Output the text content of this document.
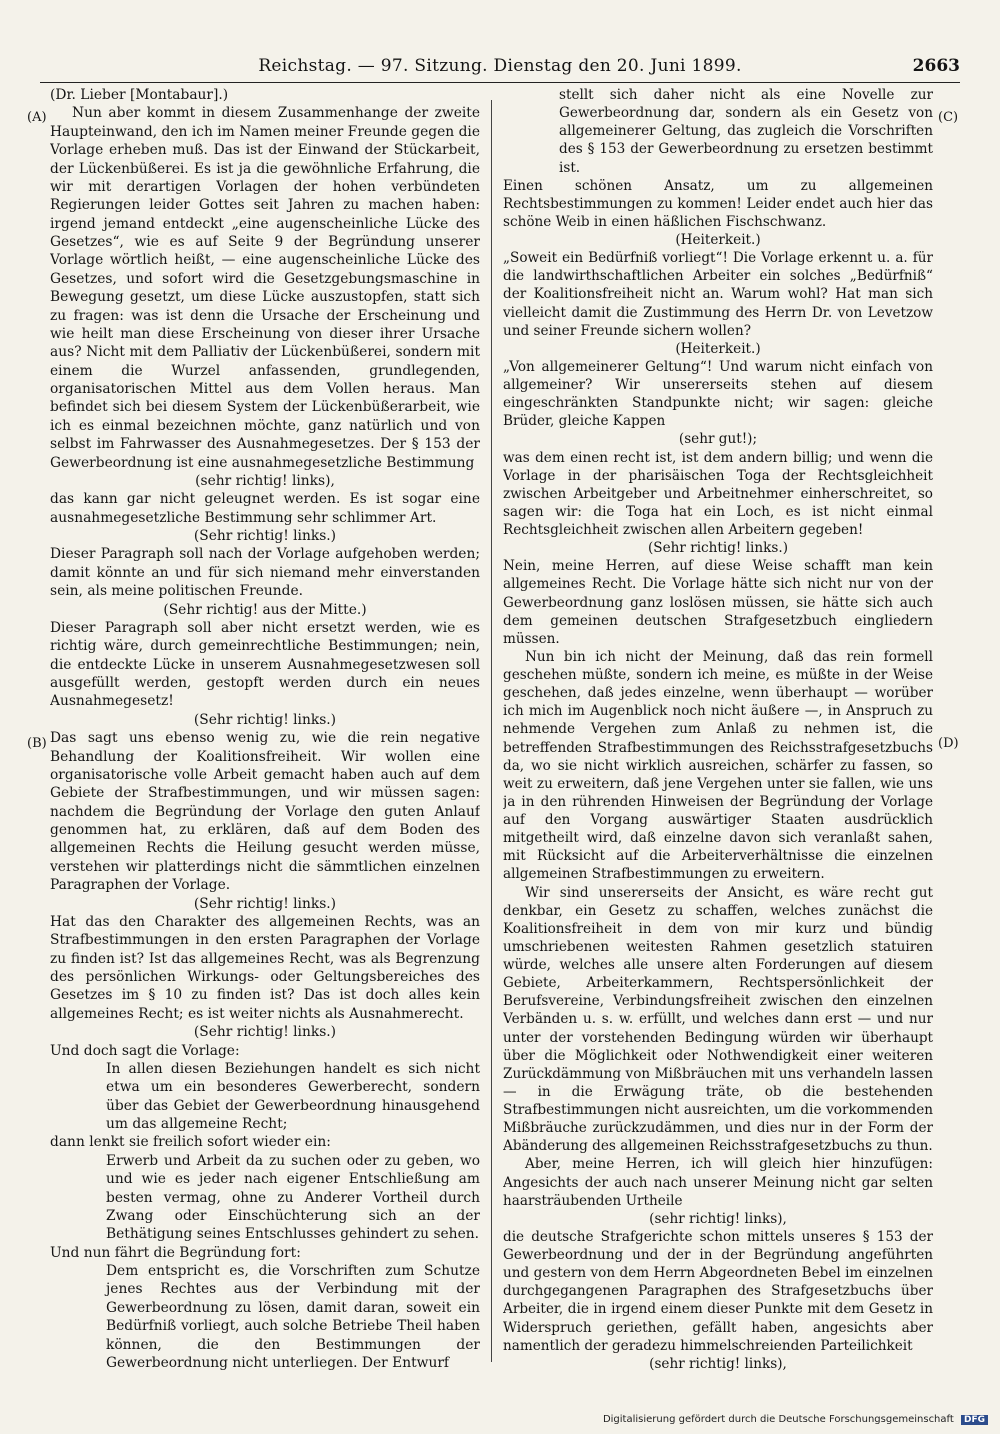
Reichstag. — 97. Sitzung. Dienstag den 20. Juni 1899.	2663
(A)
(B)
(C)
(D)

(Dr. Lieber [Montabaur].)

Nun aber kommt in diesem Zusammenhange der zweite Haupteinwand, den ich im Namen meiner Freunde gegen die Vorlage erheben muß. Das ist der Einwand der Stückarbeit, der Lückenbüßerei. Es ist ja die gewöhnliche Erfahrung, die wir mit derartigen Vorlagen der hohen verbündeten Regierungen leider Gottes seit Jahren zu machen haben: irgend jemand entdeckt „eine augenscheinliche Lücke des Gesetzes“, wie es auf Seite 9 der Begründung unserer Vorlage wörtlich heißt, — eine augenscheinliche Lücke des Gesetzes, und sofort wird die Gesetzgebungsmaschine in Bewegung gesetzt, um diese Lücke auszustopfen, statt sich zu fragen: was ist denn die Ursache der Erscheinung und wie heilt man diese Erscheinung von dieser ihrer Ursache aus? Nicht mit dem Palliativ der Lückenbüßerei, sondern mit einem die Wurzel anfassenden, grundlegenden, organisatorischen Mittel aus dem Vollen heraus. Man befindet sich bei diesem System der Lückenbüßerarbeit, wie ich es einmal bezeichnen möchte, ganz natürlich und von selbst im Fahrwasser des Ausnahmegesetzes. Der § 153 der Gewerbeordnung ist eine ausnahmegesetzliche Bestimmung

(sehr richtig! links),

das kann gar nicht geleugnet werden. Es ist sogar eine ausnahmegesetzliche Bestimmung sehr schlimmer Art.

(Sehr richtig! links.)

Dieser Paragraph soll nach der Vorlage aufgehoben werden; damit könnte an und für sich niemand mehr einverstanden sein, als meine politischen Freunde.

(Sehr richtig! aus der Mitte.)

Dieser Paragraph soll aber nicht ersetzt werden, wie es richtig wäre, durch gemeinrechtliche Bestimmungen; nein, die entdeckte Lücke in unserem Ausnahmegesetzwesen soll ausgefüllt werden, gestopft werden durch ein neues Ausnahmegesetz!

(Sehr richtig! links.)

Das sagt uns ebenso wenig zu, wie die rein negative Behandlung der Koalitionsfreiheit. Wir wollen eine organisatorische volle Arbeit gemacht haben auch auf dem Gebiete der Strafbestimmungen, und wir müssen sagen: nachdem die Begründung der Vorlage den guten Anlauf genommen hat, zu erklären, daß auf dem Boden des allgemeinen Rechts die Heilung gesucht werden müsse, verstehen wir platterdings nicht die sämmtlichen einzelnen Paragraphen der Vorlage.

(Sehr richtig! links.)

Hat das den Charakter des allgemeinen Rechts, was an Strafbestimmungen in den ersten Paragraphen der Vorlage zu finden ist? Ist das allgemeines Recht, was als Begrenzung des persönlichen Wirkungs- oder Geltungsbereiches des Gesetzes im § 10 zu finden ist? Das ist doch alles kein allgemeines Recht; es ist weiter nichts als Ausnahmerecht.

(Sehr richtig! links.)

Und doch sagt die Vorlage:

In allen diesen Beziehungen handelt es sich nicht etwa um ein besonderes Gewerberecht, sondern über das Gebiet der Gewerbeordnung hinausgehend um das allgemeine Recht;

dann lenkt sie freilich sofort wieder ein:

Erwerb und Arbeit da zu suchen oder zu geben, wo und wie es jeder nach eigener Entschließung am besten vermag, ohne zu Anderer Vortheil durch Zwang oder Einschüchterung sich an der Bethätigung seines Entschlusses gehindert zu sehen.

Und nun fährt die Begründung fort:

Dem entspricht es, die Vorschriften zum Schutze jenes Rechtes aus der Verbindung mit der Gewerbeordnung zu lösen, damit daran, soweit ein Bedürfniß vorliegt, auch solche Betriebe Theil haben können, die den Bestimmungen der Gewerbeordnung nicht unterliegen. Der Entwurf

stellt sich daher nicht als eine Novelle zur Gewerbeordnung dar, sondern als ein Gesetz von allgemeinerer Geltung, das zugleich die Vorschriften des § 153 der Gewerbeordnung zu ersetzen bestimmt ist.

Einen schönen Ansatz, um zu allgemeinen Rechtsbestimmungen zu kommen! Leider endet auch hier das schöne Weib in einen häßlichen Fischschwanz.

(Heiterkeit.)

„Soweit ein Bedürfniß vorliegt“! Die Vorlage erkennt u. a. für die landwirthschaftlichen Arbeiter ein solches „Bedürfniß“ der Koalitionsfreiheit nicht an. Warum wohl? Hat man sich vielleicht damit die Zustimmung des Herrn Dr. von Levetzow und seiner Freunde sichern wollen?

(Heiterkeit.)

„Von allgemeinerer Geltung“! Und warum nicht einfach von allgemeiner? Wir unsererseits stehen auf diesem eingeschränkten Standpunkte nicht; wir sagen: gleiche Brüder, gleiche Kappen

(sehr gut!);

was dem einen recht ist, ist dem andern billig; und wenn die Vorlage in der pharisäischen Toga der Rechtsgleichheit zwischen Arbeitgeber und Arbeitnehmer einherschreitet, so sagen wir: die Toga hat ein Loch, es ist nicht einmal Rechtsgleichheit zwischen allen Arbeitern gegeben!

(Sehr richtig! links.)

Nein, meine Herren, auf diese Weise schafft man kein allgemeines Recht. Die Vorlage hätte sich nicht nur von der Gewerbeordnung ganz loslösen müssen, sie hätte sich auch dem gemeinen deutschen Strafgesetzbuch eingliedern müssen.

Nun bin ich nicht der Meinung, daß das rein formell geschehen müßte, sondern ich meine, es müßte in der Weise geschehen, daß jedes einzelne, wenn überhaupt — worüber ich mich im Augenblick noch nicht äußere —, in Anspruch zu nehmende Vergehen zum Anlaß zu nehmen ist, die betreffenden Strafbestimmungen des Reichsstrafgesetzbuchs da, wo sie nicht wirklich ausreichen, schärfer zu fassen, so weit zu erweitern, daß jene Vergehen unter sie fallen, wie uns ja in den rührenden Hinweisen der Begründung der Vorlage auf den Vorgang auswärtiger Staaten ausdrücklich mitgetheilt wird, daß einzelne davon sich veranlaßt sahen, mit Rücksicht auf die Arbeiterverhältnisse die einzelnen allgemeinen Strafbestimmungen zu erweitern.

Wir sind unsererseits der Ansicht, es wäre recht gut denkbar, ein Gesetz zu schaffen, welches zunächst die Koalitionsfreiheit in dem von mir kurz und bündig umschriebenen weitesten Rahmen gesetzlich statuiren würde, welches alle unsere alten Forderungen auf diesem Gebiete, Arbeiterkammern, Rechtspersönlichkeit der Berufsvereine, Verbindungsfreiheit zwischen den einzelnen Verbänden u. s. w. erfüllt, und welches dann erst — und nur unter der vorstehenden Bedingung würden wir überhaupt über die Möglichkeit oder Nothwendigkeit einer weiteren Zurückdämmung von Mißbräuchen mit uns verhandeln lassen — in die Erwägung träte, ob die bestehenden Strafbestimmungen nicht ausreichten, um die vorkommenden Mißbräuche zurückzudämmen, und dies nur in der Form der Abänderung des allgemeinen Reichsstrafgesetzbuchs zu thun.

Aber, meine Herren, ich will gleich hier hinzufügen: Angesichts der auch nach unserer Meinung nicht gar selten haarsträubenden Urtheile

(sehr richtig! links),

die deutsche Strafgerichte schon mittels unseres § 153 der Gewerbeordnung und der in der Begründung angeführten und gestern von dem Herrn Abgeordneten Bebel im einzelnen durchgegangenen Paragraphen des Strafgesetzbuchs über Arbeiter, die in irgend einem dieser Punkte mit dem Gesetz in Widerspruch geriethen, gefällt haben, angesichts aber namentlich der geradezu himmelschreienden Parteilichkeit

(sehr richtig! links),

Digitalisierung gefördert durch die Deutsche Forschungsgemeinschaft DFG
